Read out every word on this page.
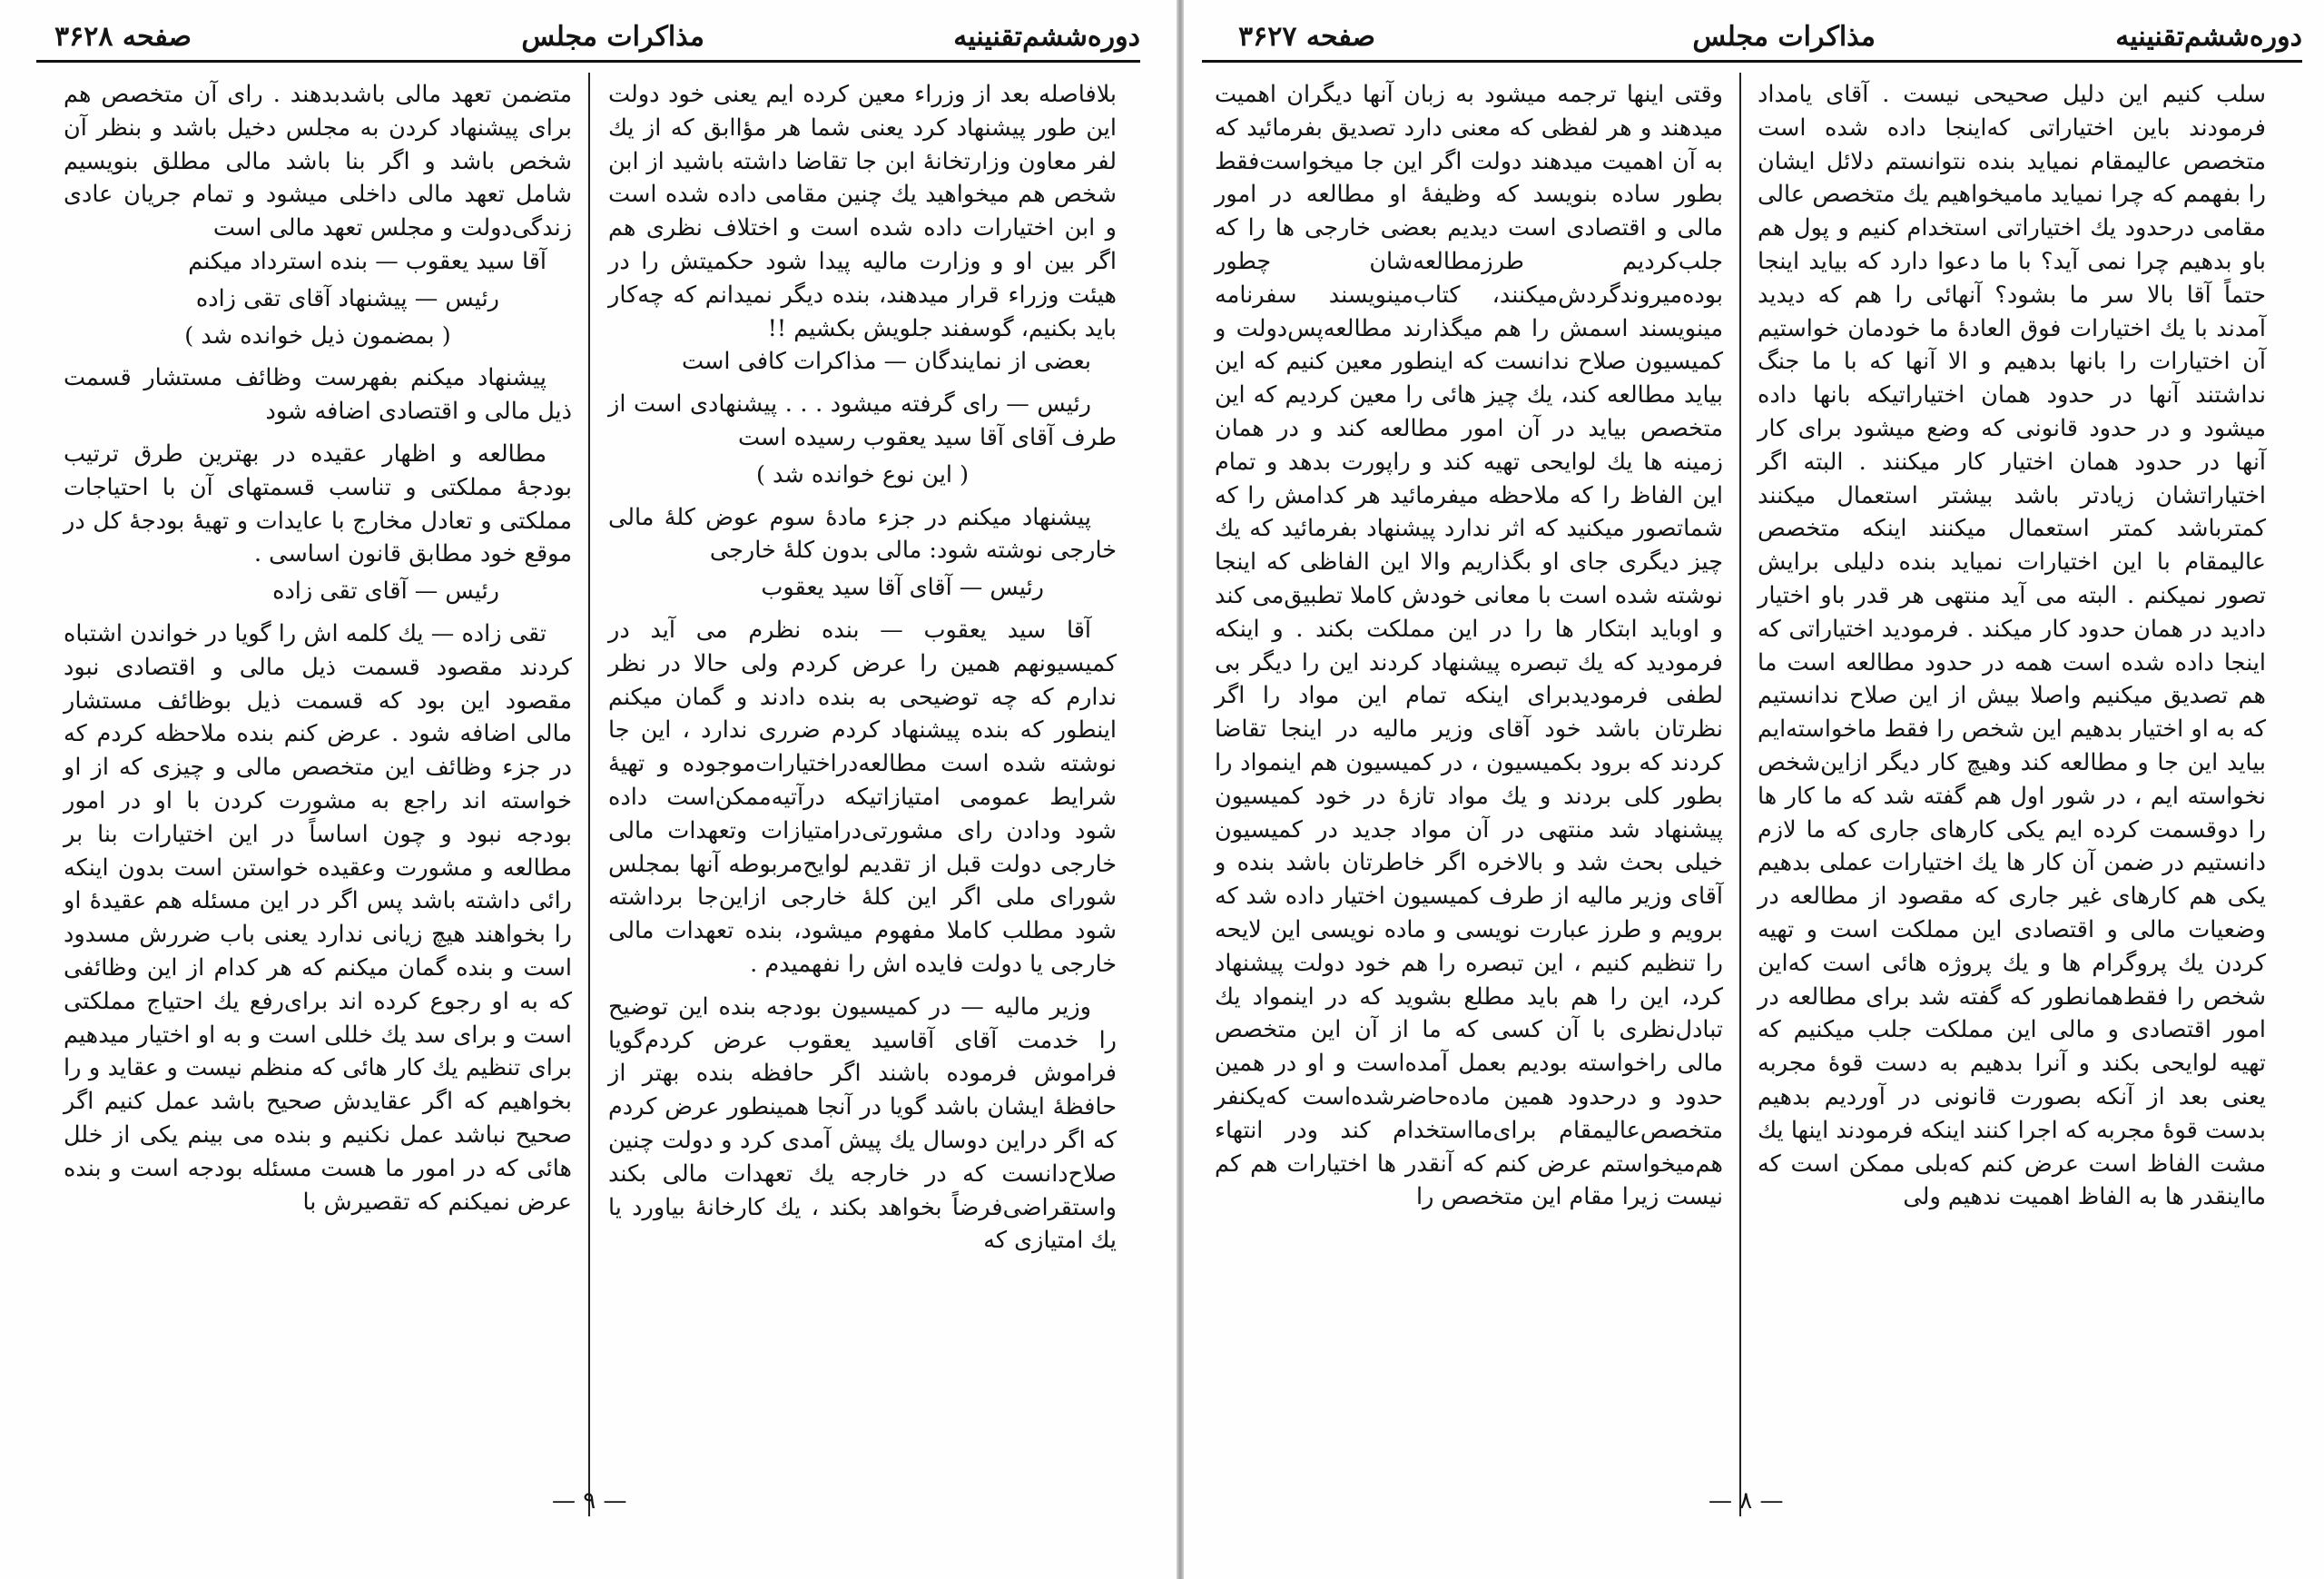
دوره‌ششم‌تقنینیه
مذاکرات مجلس
صفحه ۳۶۲۸

بلافاصله بعد از وزراء معین کرده ایم یعنی خود دولت این طور پیشنهاد کرد یعنی شما هر مؤاابق که از یك لفر معاون وزارتخانهٔ ابن جا تقاضا داشته باشید از ابن شخص هم میخواهید یك چنین مقامی داده شده است و ابن اختیارات داده شده است و اختلاف نظری هم اگر بین او و وزارت مالیه پیدا شود حکمیتش را در هیئت وزراء قرار میدهند، بنده دیگر نمیدانم که چه‌کار باید بکنیم، گوسفند جلویش بکشیم !!

بعضی از نمایندگان — مذاکرات کافی است

رئیس — رای گرفته میشود . . . پیشنهادی است از طرف آقای آقا سید یعقوب رسیده است

( این نوع خوانده شد )

پیشنهاد میکنم در جزء مادهٔ سوم عوض کلهٔ مالی خارجی نوشته شود: مالی بدون کلهٔ خارجی

رئیس — آقای آقا سید یعقوب

آقا سید یعقوب — بنده نظرم می آید در کمیسیونهم همین را عرض کردم ولی حالا در نظر ندارم که چه توضیحی به بنده دادند و گمان میکنم اینطور که بنده پیشنهاد کردم ضرری ندارد ، این جا نوشته شده است مطالعه‌درا‌ختیارات‌موجوده و تهیهٔ شرایط عمومی امتیازاتیکه درآتیه‌ممکن‌است داده شود ودادن رای مشورتی‌درامتیازات وتعهدات مالی خارجی دولت قبل از تقدیم لوایح‌مربوطه آنها بمجلس شورای ملی اگر این کلهٔ خارجی ازاین‌جا برداشته شود مطلب کاملا مفهوم میشود، بنده تعهدات مالی خارجی یا دولت فایده اش را نفهمیدم .

وزیر مالیه — در کمیسیون بودجه بنده این توضیح را خدمت آقای آقاسید یعقوب عرض کردم‌گویا فراموش فرموده باشند اگر حافظه بنده بهتر از حافظهٔ ایشان باشد گویا در آنجا همینطور عرض کردم که اگر دراین دوسال یك پیش آمدی کرد و دولت چنین صلاح‌دانست که در خارجه یك تعهدات مالی بکند واستقراضی‌فرضاً بخواهد بکند ، یك کارخانهٔ بیاورد یا یك امتیازی که

متضمن تعهد مالی باشد‌بدهند . رای آن متخصص هم برای پیشنهاد کردن به مجلس دخیل باشد و بنظر آن شخص باشد و اگر بنا باشد مالی مطلق بنویسیم شامل تعهد مالی داخلی میشود و تمام جریان عادی زندگی‌دولت و مجلس تعهد مالی است

آقا سید یعقوب — بنده استرداد میکنم

رئیس — پیشنهاد آقای تقی زاده

( بمضمون ذیل خوانده شد )

پیشنهاد میکنم بفهرست وظائف مستشار قسمت ذیل مالی و اقتصادی اضافه شود

مطالعه و اظهار عقیده در بهترین طرق ترتیب بودجهٔ مملکتی و تناسب قسمتهای آن با احتیاجات مملکتی و تعادل مخارج با عایدات و تهیهٔ بودجهٔ کل در موقع خود مطابق قانون اساسی .

رئیس — آقای تقی زاده

تقی زاده — یك کلمه اش را گویا در خواندن اشتباه کردند مقصود قسمت ذیل مالی و اقتصادی نبود مقصود این بود که قسمت ذیل بوظائف مستشار مالی اضافه شود . عرض کنم بنده ملاحظه کردم که در جزء وظائف این متخصص مالی و چیزی که از او خواسته اند راجع به مشورت کردن با او در امور بودجه نبود و چون اساساً در این اختیارات بنا بر مطالعه و مشورت وعقیده خواستن است بدون اینکه رائی داشته باشد پس اگر در این مسئله هم عقیدهٔ او را بخواهند هیچ زیانی ندارد یعنی باب ضررش مسدود است و بنده گمان میکنم که هر کدام از این وظائفی که به او رجوع کرده اند برای‌رفع یك احتیاج مملکتی است و برای سد یك خللی است و به او اختیار میدهیم برای تنظیم یك کار هائی که منظم نیست و عقاید و را بخواهیم که اگر عقایدش صحیح باشد عمل کنیم اگر صحیح نباشد عمل نکنیم و بنده می بینم یکی از خلل هائی که در امور ما هست مسئله بودجه است و بنده عرض نمیکنم که تقصیرش با

— ۹ —
دوره‌ششم‌تقنینیه
مذاکرات مجلس
صفحه ۳۶۲۷

سلب کنیم این دلیل صحیحی نیست . آقای یامداد فرمودند باین اختیاراتی که‌اینجا داده شده است متخصص عالیمقام نمیاید بنده نتوانستم دلائل ایشان را بفهمم که چرا نمیاید مامیخواهیم یك متخصص عالی مقامی درحدود یك اختیاراتی استخدام کنیم و پول هم باو بدهیم چرا نمی آید؟ با ما دعوا دارد که بیاید اینجا حتماً آقا بالا سر ما بشود؟ آنهائی را هم که دیدید آمدند با یك اختیارات فوق العادهٔ ما خودمان خواستیم آن اختیارات را بانها بدهیم و الا آنها که با ما جنگ نداشتند آنها در حدود همان اختیاراتیکه بانها داده میشود و در حدود قانونی که وضع میشود برای کار آنها در حدود همان اختیار کار میکنند . البته اگر اختیاراتشان زیادتر باشد بیشتر استعمال میکنند کمترباشد کمتر استعمال میکنند اینکه متخصص عالیمقام با این اختیارات نمیاید بنده دلیلی برایش تصور نمیکنم . البته می آید منتهی هر قدر باو اختیار دادید در همان حدود کار میکند . فرمودید اختیاراتی که اینجا داده شده است همه در حدود مطالعه است ما هم تصدیق میکنیم واصلا بیش از این صلاح ندانستیم که به او اختیار بدهیم این شخص را فقط ماخواسته‌ایم بیاید این جا و مطالعه کند وهیچ کار دیگر ازاین‌شخص نخواسته ایم ، در شور اول هم گفته شد که ما کار ها را دوقسمت کرده ایم یکی کارهای جاری که ما لازم دانستیم در ضمن آن کار ها یك اختیارات عملی بدهیم یکی هم کارهای غیر جاری که مقصود از مطالعه در وضعیات مالی و اقتصادی این مملکت است و تهیه کردن یك پروگرام ها و یك پروژه هائی است که‌این شخص را فقط‌همانطور که گفته شد برای مطالعه در امور اقتصادی و مالی این مملکت جلب میکنیم که تهیه لوایحی بکند و آنرا بدهیم به دست قوهٔ مجربه یعنی بعد از آنکه بصورت قانونی در آوردیم بدهیم بدست قوهٔ مجربه که اجرا کنند اینکه فرمودند اینها یك مشت الفاظ است عرض کنم که‌بلی ممکن است که ما‌اینقدر ها به الفاظ اهمیت ندهیم ولی

وقتی اینها ترجمه میشود به زبان آنها دیگران اهمیت میدهند و هر لفظی که معنی دارد تصدیق بفرمائید که به آن اهمیت میدهند دولت اگر این جا میخواست‌فقط بطور ساده بنویسد که وظیفهٔ او مطالعه در امور مالی و اقتصادی است دیدیم بعضی خارجی ها را که جلب‌کردیم طرزمطالعه‌شان چطور بوده‌میروندگردش‌میکنند، کتاب‌مینویسند سفرنامه مینویسند اسمش را هم میگذارند مطالعه‌پس‌دولت و کمیسیون صلاح ندانست که اینطور معین کنیم که این بیاید مطالعه کند، یك چیز هائی را معین کردیم که این متخصص بیاید در آن امور مطالعه کند و در همان زمینه ها یك لوایحی تهیه کند و راپورت بدهد و تمام این الفاظ را که ملاحظه میفرمائید هر کدامش را که شما‌تصور میکنید که اثر ندارد پیشنهاد بفرمائید که یك چیز دیگری جای او بگذاریم والا این الفاظی که اینجا نوشته شده است با معانی خودش کاملا تطبیق‌می کند و اوباید ابتکار ها را در این مملکت بکند . و اینکه فرمودید که یك تبصره پیشنهاد کردند این را دیگر بی لطفی فرمودید‌برای اینکه تمام این مواد را اگر نظر‌تان باشد خود آقای وزیر مالیه در اینجا تقاضا کردند که برود بکمیسیون ، در کمیسیون هم اینمواد را بطور کلی بردند و یك مواد تازهٔ در خود کمیسیون پیشنهاد شد منتهی در آن مواد جدید در کمیسیون خیلی بحث شد و بالاخره اگر خاطرتان باشد بنده و آقای وزیر مالیه از طرف کمیسیون اختیار داده شد که برویم و طرز عبارت نویسی و ماده نویسی این لایحه را تنظیم کنیم ، این تبصره را هم خود دولت پیشنهاد کرد، این را هم باید مطلع بشوید که در اینمواد یك تبادل‌نظری با آن کسی که ما از آن این متخصص مالی را‌خواسته بودیم بعمل آمده‌است و او در همین حدود و درحدود همین ماده‌حاضرشده‌است که‌یکنفر متخصص‌عالیمقام برای‌مااستخدام کند ودر انتهاء هم‌میخواستم عرض کنم که آنقدر ها اختیارات هم کم نیست زیرا مقام این متخصص را

— ۸ —
